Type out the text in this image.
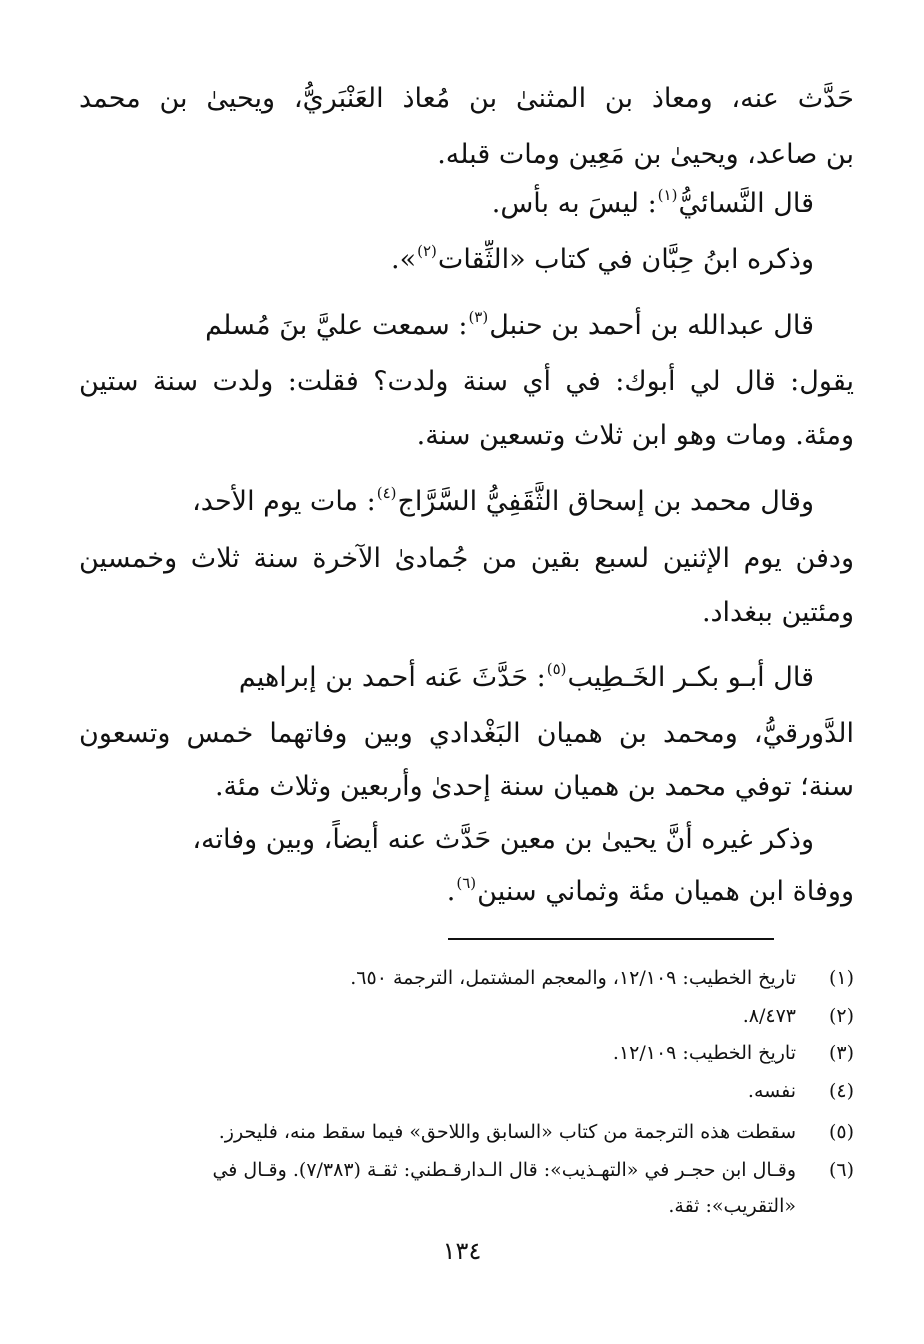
حَدَّث عنه، ومعاذ بن المثنىٰ بن مُعاذ العَنْبَريُّ، ويحيىٰ بن محمد
بن صاعد، ويحيىٰ بن مَعِين ومات قبله.
قال النَّسائيُّ$^{(١)}$: ليسَ به بأس.
وذكره ابنُ حِبَّان في كتاب «الثِّقات$^{(٢)}$».
قال عبدالله بن أحمد بن حنبل$^{(٣)}$: سمعت عليَّ بنَ مُسلم
يقول: قال لي أبوك: في أي سنة ولدت؟ فقلت: ولدت سنة ستين
ومئة. ومات وهو ابن ثلاث وتسعين سنة.
وقال محمد بن إسحاق الثَّقَفِيُّ السَّرَّاج$^{(٤)}$: مات يوم الأحد،
ودفن يوم الإثنين لسبع بقين من جُمادىٰ الآخرة سنة ثلاث وخمسين
ومئتين ببغداد.
قال أبـو بكـر الخَـطِيب$^{(٥)}$: حَدَّثَ عَنه أحمد بن إبراهيم
الدَّورقيُّ، ومحمد بن هميان البَغْدادي وبين وفاتهما خمس وتسعون
سنة؛ توفي محمد بن هميان سنة إحدىٰ وأربعين وثلاث مئة.
وذكر غيره أنَّ يحيىٰ بن معين حَدَّث عنه أيضاً، وبين وفاته،
ووفاة ابن هميان مئة وثماني سنين$^{(٦)}$.
(١)تاريخ الخطيب: ١٢/١٠٩، والمعجم المشتمل، الترجمة ٦٥٠.
(٢)٨/٤٧٣.
(٣)تاريخ الخطيب: ١٢/١٠٩.
(٤)نفسه.
(٥)سقطت هذه الترجمة من كتاب «السابق واللاحق» فيما سقط منه، فليحرز.
(٦)وقـال ابن حجـر في «التهـذيب»: قال الـدارقـطني: ثقـة (٧/٣٨٣). وقـال في
«التقريب»: ثقة.
١٣٤
